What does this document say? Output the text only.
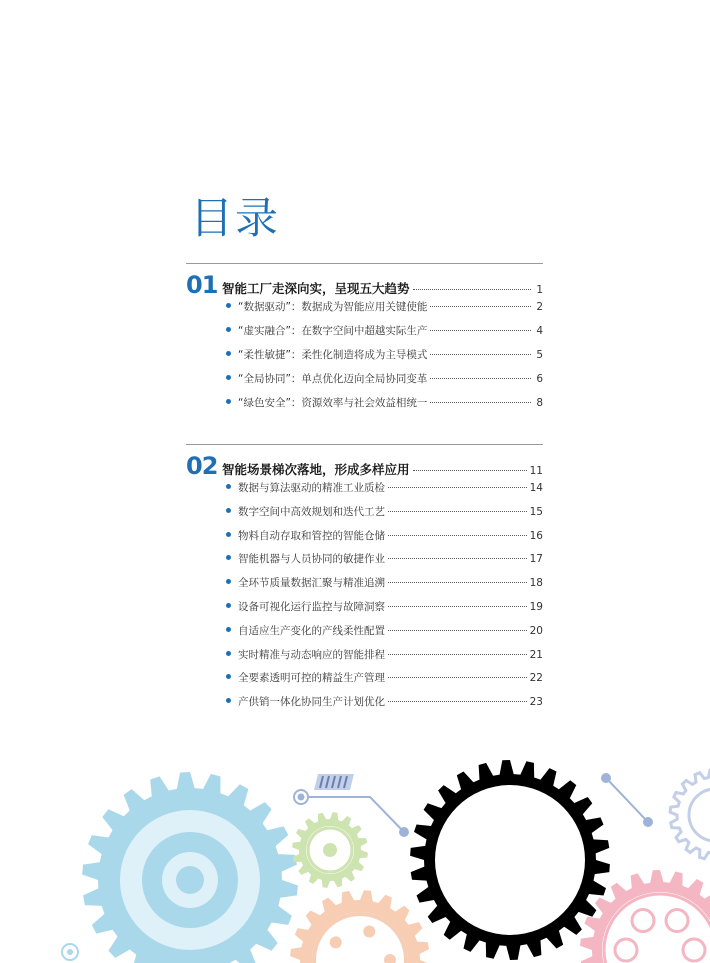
目录
01 智能工厂走深向实，呈现五大趋势	1
“数据驱动”：数据成为智能应用关键使能	2
“虚实融合”：在数字空间中超越实际生产	4
“柔性敏捷”：柔性化制造将成为主导模式	5
“全局协同”：单点优化迈向全局协同变革	6
“绿色安全”：资源效率与社会效益相统一	8
02 智能场景梯次落地，形成多样应用	11
数据与算法驱动的精准工业质检	14
数字空间中高效规划和迭代工艺	15
物料自动存取和管控的智能仓储	16
智能机器与人员协同的敏捷作业	17
全环节质量数据汇聚与精准追溯	18
设备可视化运行监控与故障洞察	19
自适应生产变化的产线柔性配置	20
实时精准与动态响应的智能排程	21
全要素透明可控的精益生产管理	22
产供销一体化协同生产计划优化	23
